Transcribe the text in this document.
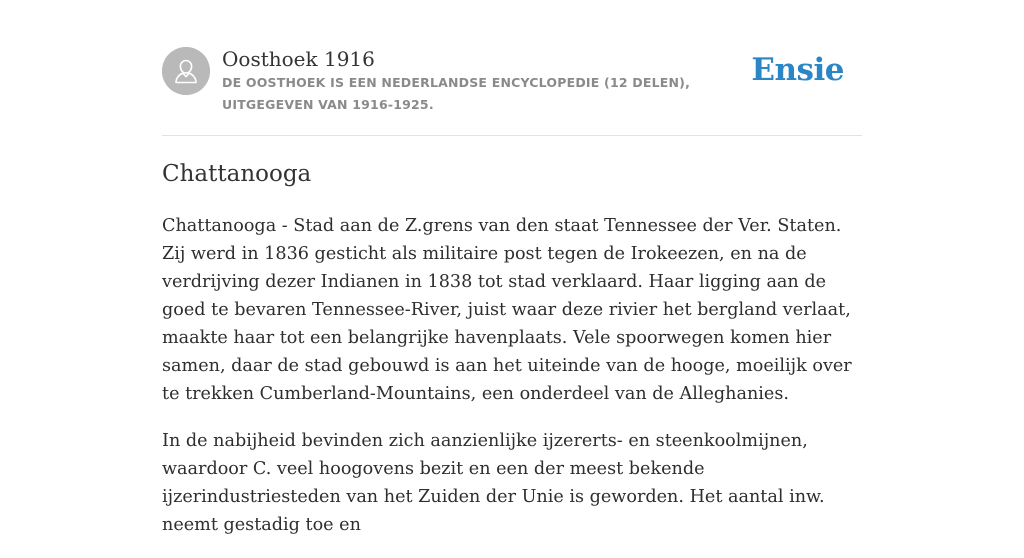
Oosthoek 1916
DE OOSTHOEK IS EEN NEDERLANDSE ENCYCLOPEDIE (12 DELEN), UITGEGEVEN VAN 1916-1925.
Ensie
Chattanooga

Chattanooga - Stad aan de Z.grens van den staat Tennessee der Ver. Staten. Zij werd in 1836 gesticht als militaire post tegen de Irokeezen, en na de verdrijving dezer Indianen in 1838 tot stad verklaard. Haar ligging aan de goed te bevaren Tennessee-River, juist waar deze rivier het bergland verlaat, maakte haar tot een belangrijke havenplaats. Vele spoorwegen komen hier samen, daar de stad gebouwd is aan het uiteinde van de hooge, moeilijk over te trekken Cumberland-Mountains, een onderdeel van de Alleghanies.

In de nabijheid bevinden zich aanzienlijke ijzererts- en steenkoolmijnen, waardoor C. veel hoogovens bezit en een der meest bekende ijzerindustriesteden van het Zuiden der Unie is geworden. Het aantal inw. neemt gestadig toe en
